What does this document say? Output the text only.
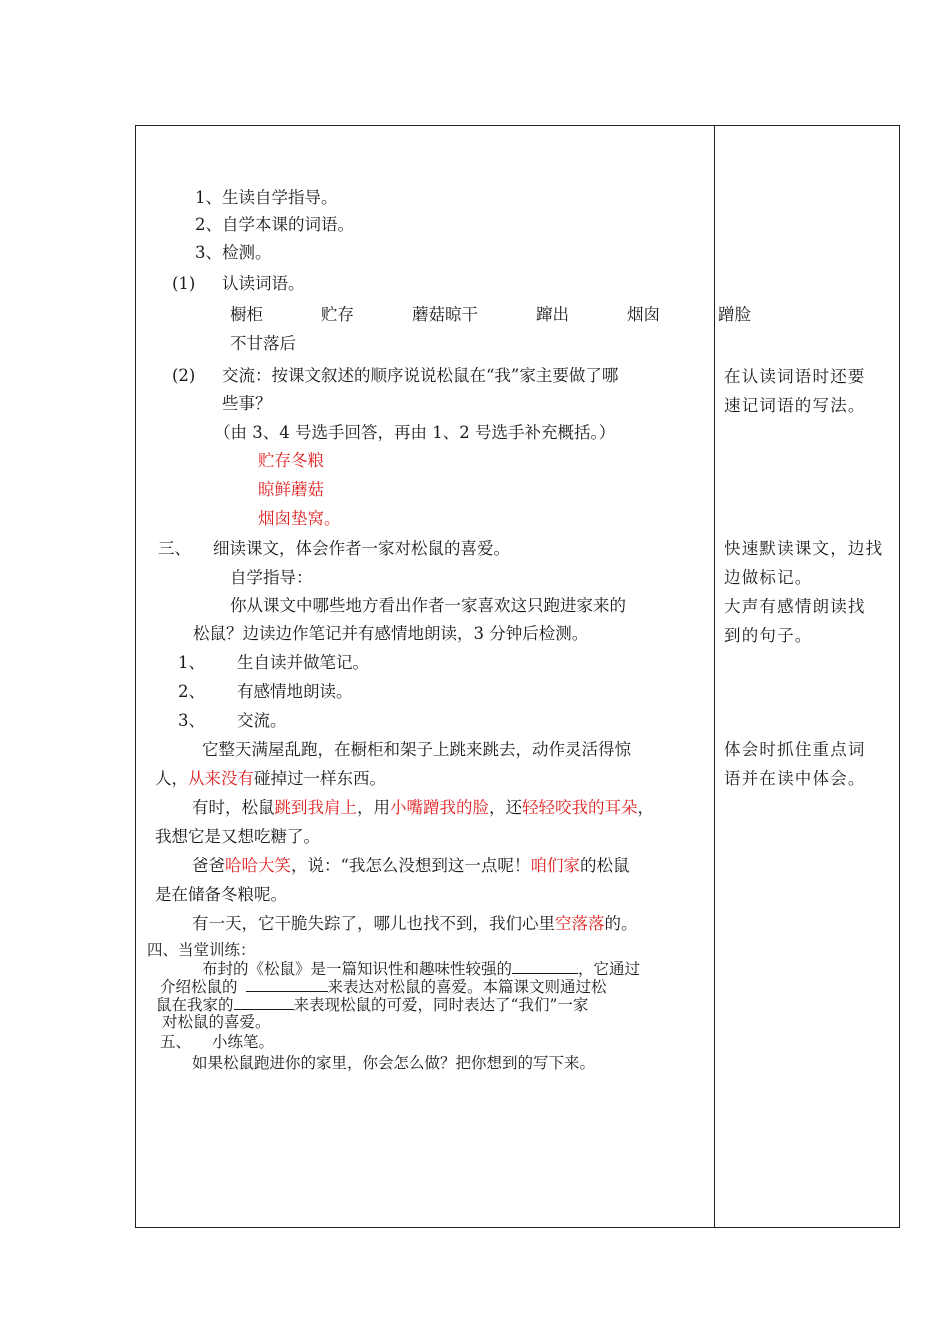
1、生读自学指导。
2、自学本课的词语。
3、检测。
(1) 认读词语。
橱柜	贮存	蘑菇晾干	蹿出	烟囱	蹭脸
不甘落后
(2) 交流：按课文叙述的顺序说说松鼠在“我”家主要做了哪
些事？
（由 3、4 号选手回答，再由 1、2 号选手补充概括。）
贮存冬粮
晾鲜蘑菇
烟囱垫窝。
三、 细读课文，体会作者一家对松鼠的喜爱。
自学指导：
你从课文中哪些地方看出作者一家喜欢这只跑进家来的
松鼠？边读边作笔记并有感情地朗读，3 分钟后检测。
1、 生自读并做笔记。
2、 有感情地朗读。
3、 交流。
它整天满屋乱跑，在橱柜和架子上跳来跳去，动作灵活得惊
人，从来没有碰掉过一样东西。
有时，松鼠跳到我肩上，用小嘴蹭我的脸，还轻轻咬我的耳朵，
我想它是又想吃糖了。
爸爸哈哈大笑，说：“我怎么没想到这一点呢！咱们家的松鼠
是在储备冬粮呢。
有一天，它干脆失踪了，哪儿也找不到，我们心里空落落的。
四、当堂训练：
布封的《松鼠》是一篇知识性和趣味性较强的	，它通过
介绍松鼠的	来表达对松鼠的喜爱。本篇课文则通过松
鼠在我家的	来表现松鼠的可爱，同时表达了“我们”一家
对松鼠的喜爱。
五、 小练笔。
如果松鼠跑进你的家里，你会怎么做？把你想到的写下来。
在认读词语时还要
速记词语的写法。
快速默读课文，边找
边做标记。
大声有感情朗读找
到的句子。
体会时抓住重点词
语并在读中体会。
